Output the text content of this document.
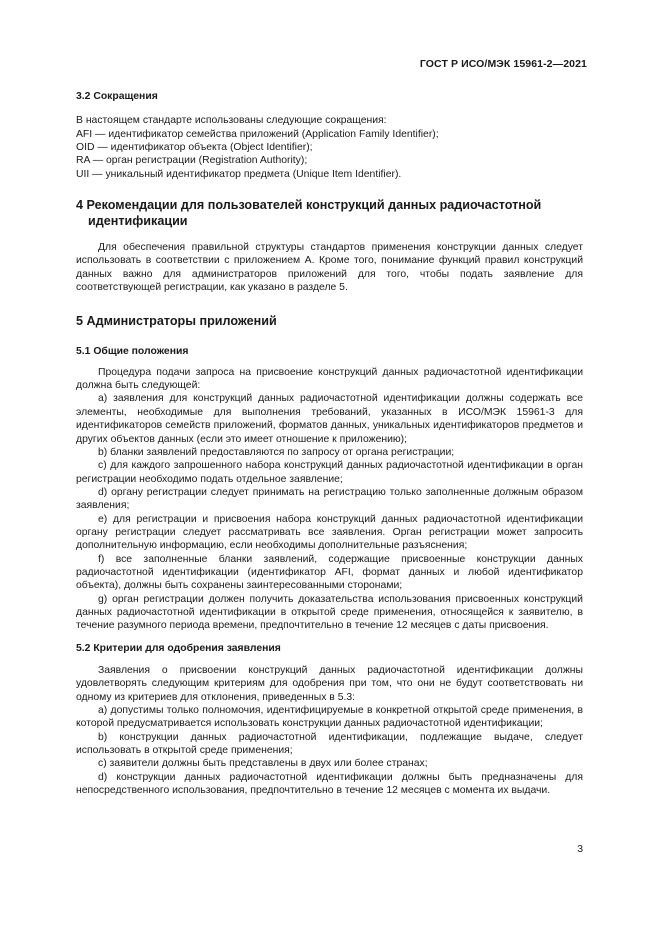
ГОСТ Р ИСО/МЭК 15961-2—2021
3.2 Сокращения

В настоящем стандарте использованы следующие сокращения:

AFI — идентификатор семейства приложений (Application Family Identifier);

OID — идентификатор объекта (Object Identifier);

RA — орган регистрации (Registration Authority);

UII — уникальный идентификатор предмета (Unique Item Identifier).

4 Рекомендации для пользователей конструкций данных радиочастотной
идентификации

Для обеспечения правильной структуры стандартов применения конструкции данных следует использовать в соответствии с приложением А. Кроме того, понимание функций правил конструкций данных важно для администраторов приложений для того, чтобы подать заявление для соответствующей регистрации, как указано в разделе 5.

5 Администраторы приложений
5.1 Общие положения

Процедура подачи запроса на присвоение конструкций данных радиочастотной идентификации должна быть следующей:

а) заявления для конструкций данных радиочастотной идентификации должны содержать все элементы, необходимые для выполнения требований, указанных в ИСО/МЭК 15961-3 для идентификаторов семейств приложений, форматов данных, уникальных идентификаторов предметов и других объектов данных (если это имеет отношение к приложению);

b) бланки заявлений предоставляются по запросу от органа регистрации;

c) для каждого запрошенного набора конструкций данных радиочастотной идентификации в орган регистрации необходимо подать отдельное заявление;

d) органу регистрации следует принимать на регистрацию только заполненные должным образом заявления;

e) для регистрации и присвоения набора конструкций данных радиочастотной идентификации органу регистрации следует рассматривать все заявления. Орган регистрации может запросить дополнительную информацию, если необходимы дополнительные разъяснения;

f) все заполненные бланки заявлений, содержащие присвоенные конструкции данных радиочастотной идентификации (идентификатор AFI, формат данных и любой идентификатор объекта), должны быть сохранены заинтересованными сторонами;

g) орган регистрации должен получить доказательства использования присвоенных конструкций данных радиочастотной идентификации в открытой среде применения, относящейся к заявителю, в течение разумного периода времени, предпочтительно в течение 12 месяцев с даты присвоения.

5.2 Критерии для одобрения заявления

Заявления о присвоении конструкций данных радиочастотной идентификации должны удовлетворять следующим критериям для одобрения при том, что они не будут соответствовать ни одному из критериев для отклонения, приведенных в 5.3:

a) допустимы только полномочия, идентифицируемые в конкретной открытой среде применения, в которой предусматривается использовать конструкции данных радиочастотной идентификации;

b) конструкции данных радиочастотной идентификации, подлежащие выдаче, следует использовать в открытой среде применения;

c) заявители должны быть представлены в двух или более странах;

d) конструкции данных радиочастотной идентификации должны быть предназначены для непосредственного использования, предпочтительно в течение 12 месяцев с момента их выдачи.

3
